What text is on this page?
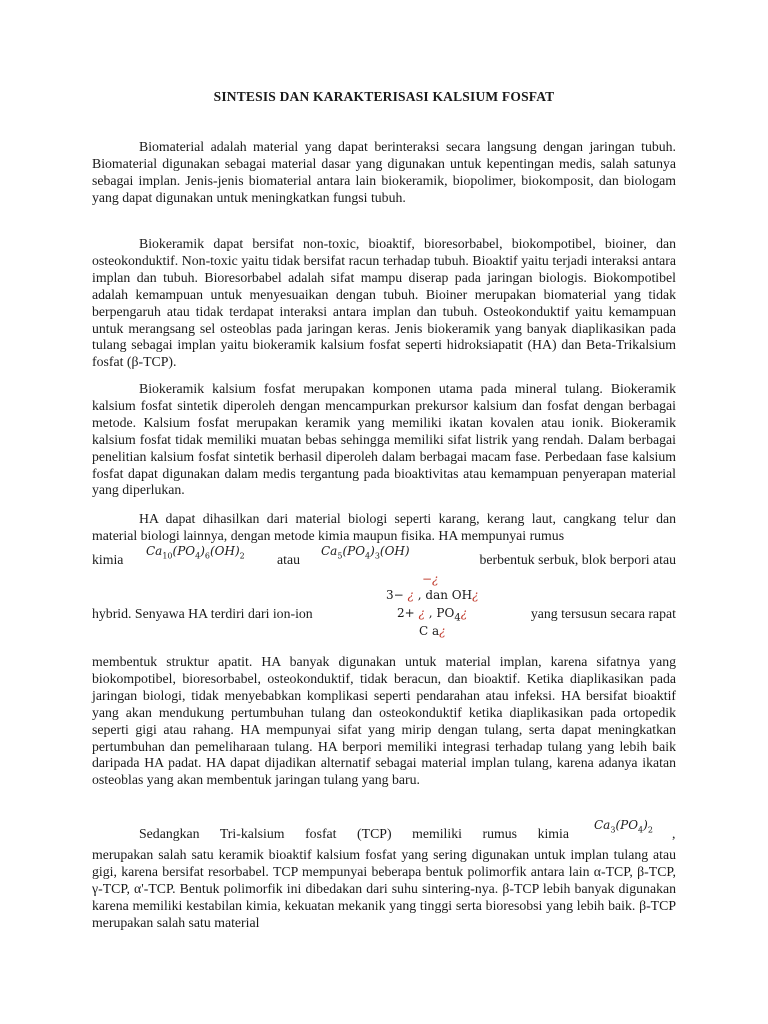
SINTESIS DAN KARAKTERISASI KALSIUM FOSFAT

Biomaterial adalah material yang dapat berinteraksi secara langsung dengan jaringan tubuh. Biomaterial digunakan sebagai material dasar yang digunakan untuk kepentingan medis, salah satunya sebagai implan. Jenis-jenis biomaterial antara lain biokeramik, biopolimer, biokomposit, dan biologam yang dapat digunakan untuk meningkatkan fungsi tubuh.

Biokeramik dapat bersifat non-toxic, bioaktif, bioresorbabel, biokompotibel, bioiner, dan osteokonduktif. Non-toxic yaitu tidak bersifat racun terhadap tubuh. Bioaktif yaitu terjadi interaksi antara implan dan tubuh. Bioresorbabel adalah sifat mampu diserap pada jaringan biologis. Biokompotibel adalah kemampuan untuk menyesuaikan dengan tubuh. Bioiner merupakan biomaterial yang tidak berpengaruh atau tidak terdapat interaksi antara implan dan tubuh. Osteokonduktif yaitu kemampuan untuk merangsang sel osteoblas pada jaringan keras. Jenis biokeramik yang banyak diaplikasikan pada tulang sebagai implan yaitu biokeramik kalsium fosfat seperti hidroksiapatit (HA) dan Beta-Trikalsium fosfat (β-TCP).

Biokeramik kalsium fosfat merupakan komponen utama pada mineral tulang. Biokeramik kalsium fosfat sintetik diperoleh dengan mencampurkan prekursor kalsium dan fosfat dengan berbagai metode. Kalsium fosfat merupakan keramik yang memiliki ikatan kovalen atau ionik. Biokeramik kalsium fosfat tidak memiliki muatan bebas sehingga memiliki sifat listrik yang rendah. Dalam berbagai penelitian kalsium fosfat sintetik berhasil diperoleh dalam berbagai macam fase. Perbedaan fase kalsium fosfat dapat digunakan dalam medis tergantung pada bioaktivitas atau kemampuan penyerapan material yang diperlukan.

HA dapat dihasilkan dari material biologi seperti karang, kerang laut, cangkang telur dan material biologi lainnya, dengan metode kimia maupun fisika. HA mempunyai rumus

kimia
$Ca_{10}(PO_4)_6(OH)_2$ atau
$Ca_5(PO_4)_3(OH)$
berbentuk serbuk, blok berpori atau
−¿
3− ¿ , dan OH¿
hybrid. Senyawa HA terdiri dari ion-ion	2+ ¿ , $PO_4¿$
C a¿
yang tersusun secara rapat

membentuk struktur apatit. HA banyak digunakan untuk material implan, karena sifatnya yang biokompotibel, bioresorbabel, osteokonduktif, tidak beracun, dan bioaktif. Ketika diaplikasikan pada jaringan biologi, tidak menyebabkan komplikasi seperti pendarahan atau infeksi. HA bersifat bioaktif yang akan mendukung pertumbuhan tulang dan osteokonduktif ketika diaplikasikan pada ortopedik seperti gigi atau rahang. HA mempunyai sifat yang mirip dengan tulang, serta dapat meningkatkan pertumbuhan dan pemeliharaan tulang. HA berpori memiliki integrasi terhadap tulang yang lebih baik daripada HA padat. HA dapat dijadikan alternatif sebagai material implan tulang, karena adanya ikatan osteoblas yang akan membentuk jaringan tulang yang baru.

Sedangkan Tri-kalsium fosfat (TCP) memiliki rumus kimia
$Ca_3(PO_4)_2$ ,

merupakan salah satu keramik bioaktif kalsium fosfat yang sering digunakan untuk implan tulang atau gigi, karena bersifat resorbabel. TCP mempunyai beberapa bentuk polimorfik antara lain α-TCP, β-TCP, γ-TCP, α'-TCP. Bentuk polimorfik ini dibedakan dari suhu sintering-nya. β-TCP lebih banyak digunakan karena memiliki kestabilan kimia, kekuatan mekanik yang tinggi serta bioresobsi yang lebih baik. β-TCP merupakan salah satu material
